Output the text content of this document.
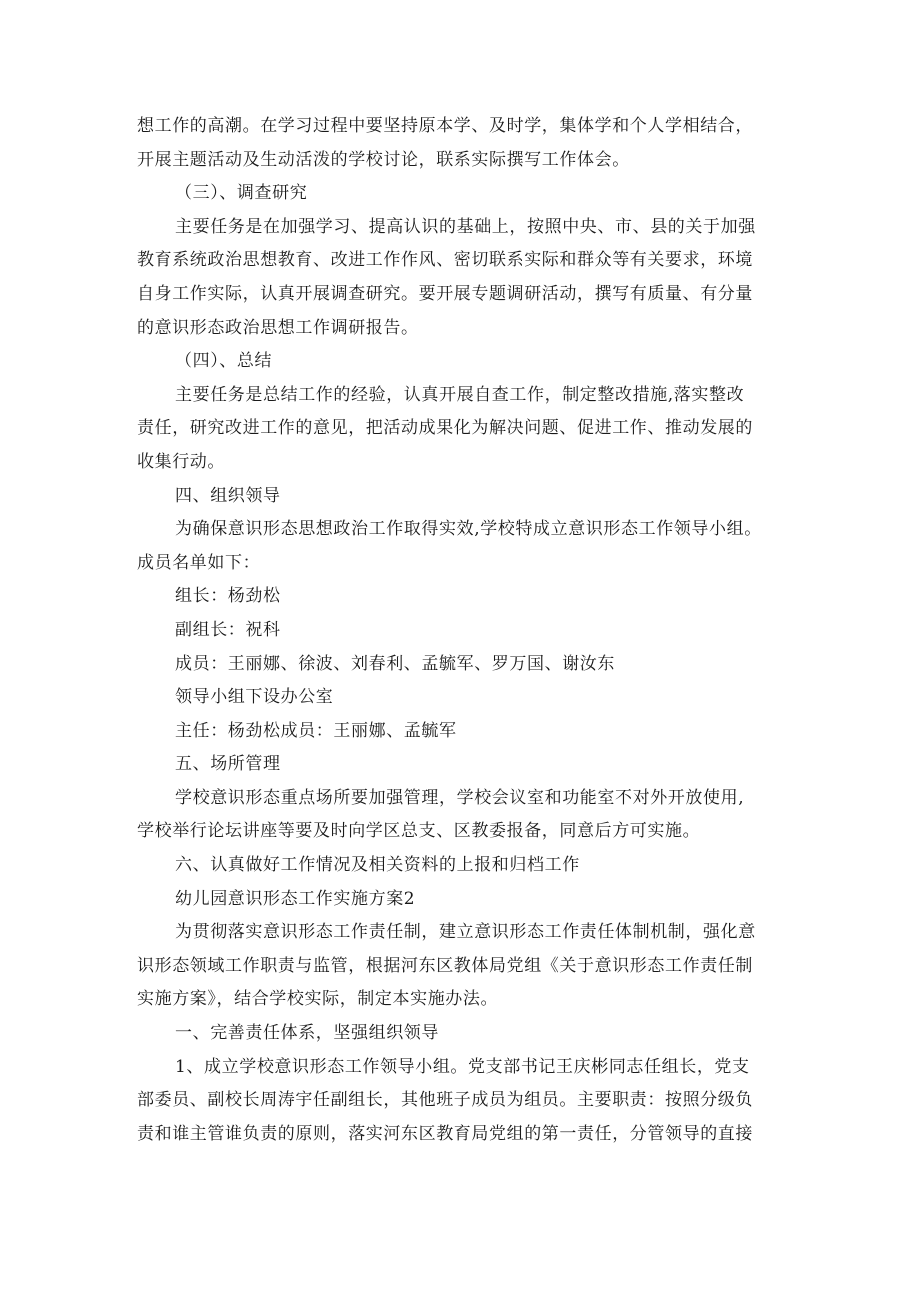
想工作的高潮。在学习过程中要坚持原本学、及时学，集体学和个人学相结合，
开展主题活动及生动活泼的学校讨论，联系实际撰写工作体会。
（三）、调查研究
主要任务是在加强学习、提高认识的基础上，按照中央、市、县的关于加强
教育系统政治思想教育、改进工作作风、密切联系实际和群众等有关要求，环境
自身工作实际，认真开展调查研究。要开展专题调研活动，撰写有质量、有分量
的意识形态政治思想工作调研报告。
（四）、总结
主要任务是总结工作的经验，认真开展自查工作，制定整改措施,落实整改
责任，研究改进工作的意见，把活动成果化为解决问题、促进工作、推动发展的
收集行动。
四、组织领导
为确保意识形态思想政治工作取得实效,学校特成立意识形态工作领导小组。
成员名单如下：
组长：杨劲松
副组长：祝科
成员：王丽娜、徐波、刘春利、孟毓军、罗万国、谢汝东
领导小组下设办公室
主任：杨劲松成员：王丽娜、孟毓军
五、场所管理
学校意识形态重点场所要加强管理，学校会议室和功能室不对外开放使用,
学校举行论坛讲座等要及时向学区总支、区教委报备，同意后方可实施。
六、认真做好工作情况及相关资料的上报和归档工作
幼儿园意识形态工作实施方案2
为贯彻落实意识形态工作责任制，建立意识形态工作责任体制机制，强化意
识形态领域工作职责与监管，根据河东区教体局党组《关于意识形态工作责任制
实施方案》，结合学校实际，制定本实施办法。
一、完善责任体系，坚强组织领导
1、成立学校意识形态工作领导小组。党支部书记王庆彬同志任组长，党支
部委员、副校长周涛宇任副组长，其他班子成员为组员。主要职责：按照分级负
责和谁主管谁负责的原则，落实河东区教育局党组的第一责任，分管领导的直接
